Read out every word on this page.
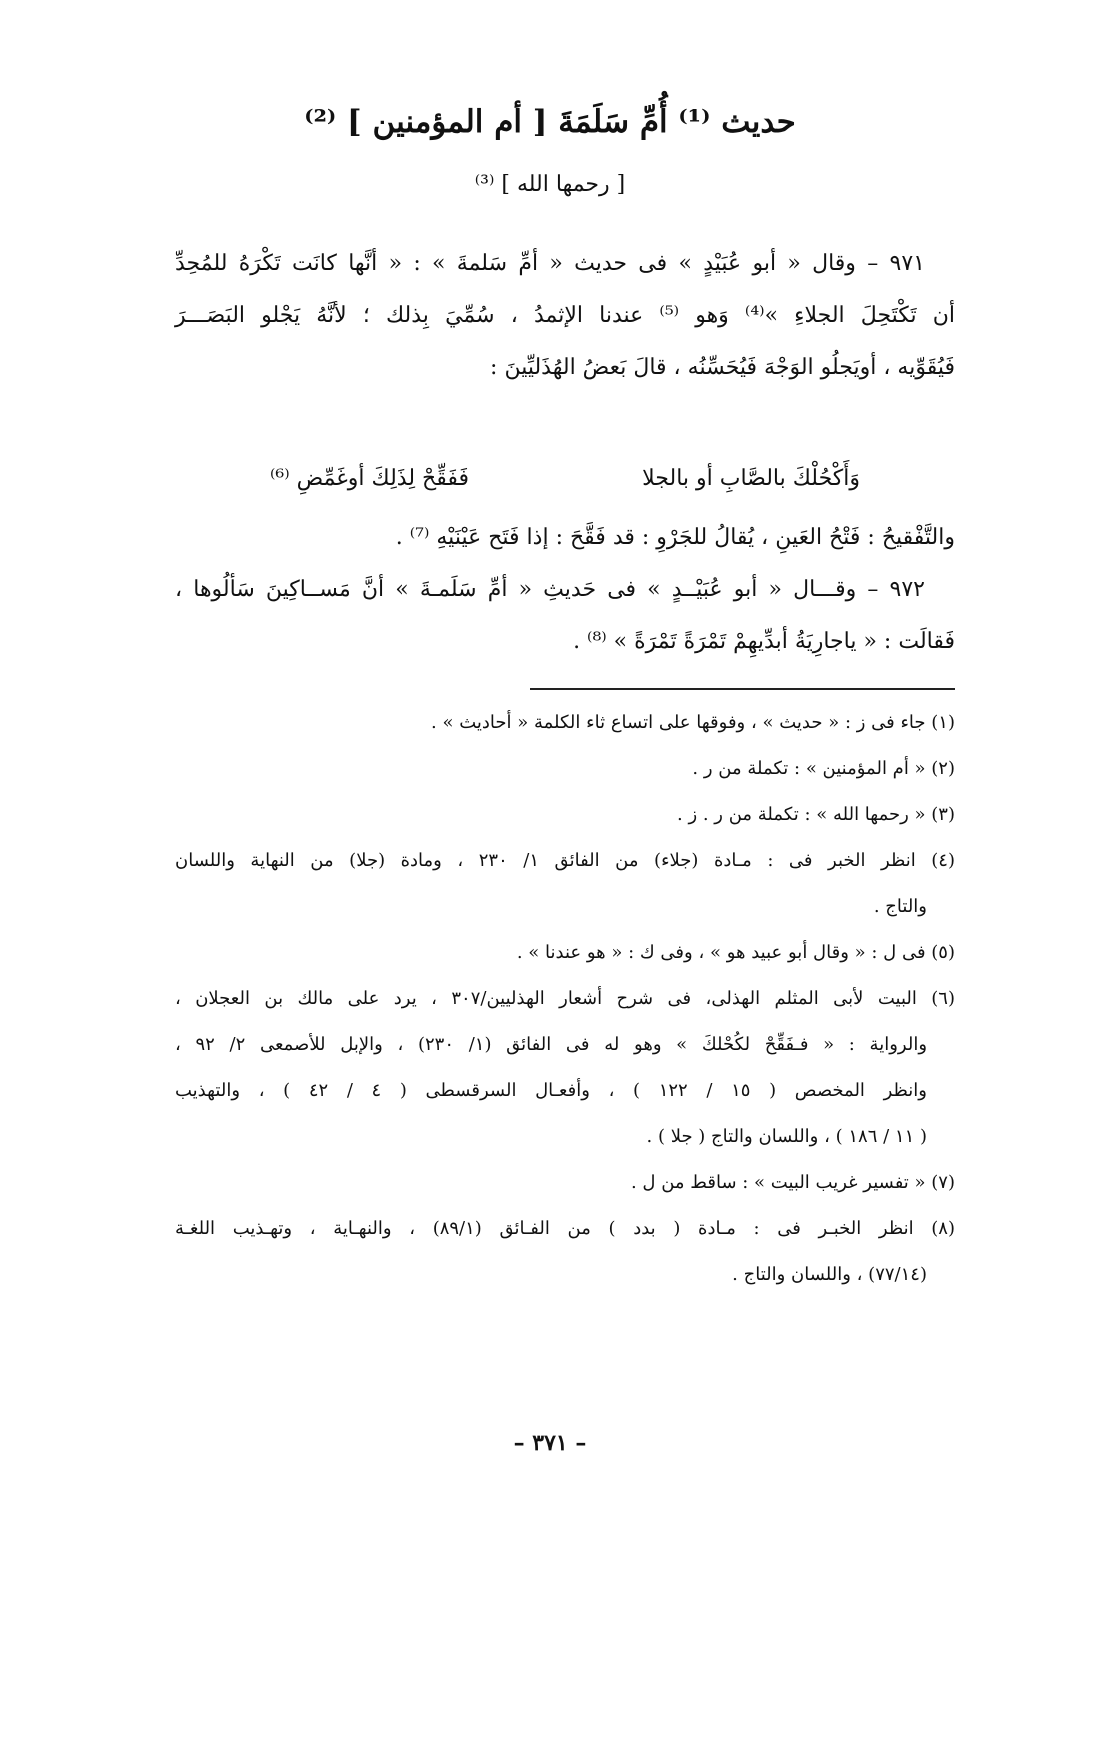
حديث ⁽¹⁾ أُمِّ سَلَمَةَ [ أم المؤمنين ] ⁽²⁾
[ رحمها الله ] ⁽³⁾
٩٧١ – وقال « أبو عُبَيْدٍ » فى حديث « أمِّ سَلمةَ » : « أنَّها كانَت تَكْرَهُ للمُحِدِّ
أن تَكْتَحِلَ الجلاءِ »⁽⁴⁾ وَهو ⁽⁵⁾ عندنا الإثمدُ ، سُمِّيَ بِذلك ؛ لأنَّهُ يَجْلو البَصَـــرَ
فَيُقَوِّيه ، أويَجلُو الوَجْهَ فَيُحَسِّنُه ، قالَ بَعضُ الهُذَليِّينَ :
وَأَكْحُلْكَ بالصَّابِ أو بالجلا
فَفَقِّحْ لِذَلِكَ أوغَمِّضِ ⁽⁶⁾
والتَّفْقيحُ : فَتْحُ العَينِ ، يُقالُ للجَرْوِ : قد فَقَّحَ : إذا فَتَح عَيْنَيْهِ ⁽⁷⁾ .
٩٧٢ – وقـــال « أبو عُبَيْــدٍ » فى حَديثِ « أمِّ سَلَمـةَ » أنَّ مَســاكِينَ سَألُوها ،
فَقالَت : « ياجارِيَةُ أبدِّيهِمْ تَمْرَةً تَمْرَةً » ⁽⁸⁾ .
(١) جاء فى ز : « حديث » ، وفوقها على اتساع ثاء الكلمة « أحاديث » .
(٢) « أم المؤمنين » : تكملة من ر .
(٣) « رحمها الله » : تكملة من ر . ز .
(٤) انظر الخبر فى : مـادة (جلاء) من الفائق ١/ ٢٣٠ ، ومادة (جلا) من النهاية واللسان
والتاج .
(٥) فى ل : « وقال أبو عبيد هو » ، وفى ك : « هو عندنا » .
(٦) البيت لأبى المثلم الهذلى، فى شرح أشعار الهذليين/٣٠٧ ، يرد على مالك بن العجلان ،
والرواية : « فـفَقِّحْ لكُحْلكَ » وهو له فى الفائق (١/ ٢٣٠) ، والإبل للأصمعى ٢/ ٩٢ ،
وانظر المخصص ( ١٥ / ١٢٢ ) ، وأفعـال السرقسطى ( ٤ / ٤٢ ) ، والتهذيب
( ١١ / ١٨٦ ) ، واللسان والتاج ( جلا ) .
(٧) « تفسير غريب البيت » : ساقط من ل .
(٨) انظر الخبـر فى : مـادة ( بدد ) من الفـائق (٨٩/١) ، والنهـاية ، وتهـذيب اللغـة
(٧٧/١٤) ، واللسان والتاج .
– ٣٧١ –
